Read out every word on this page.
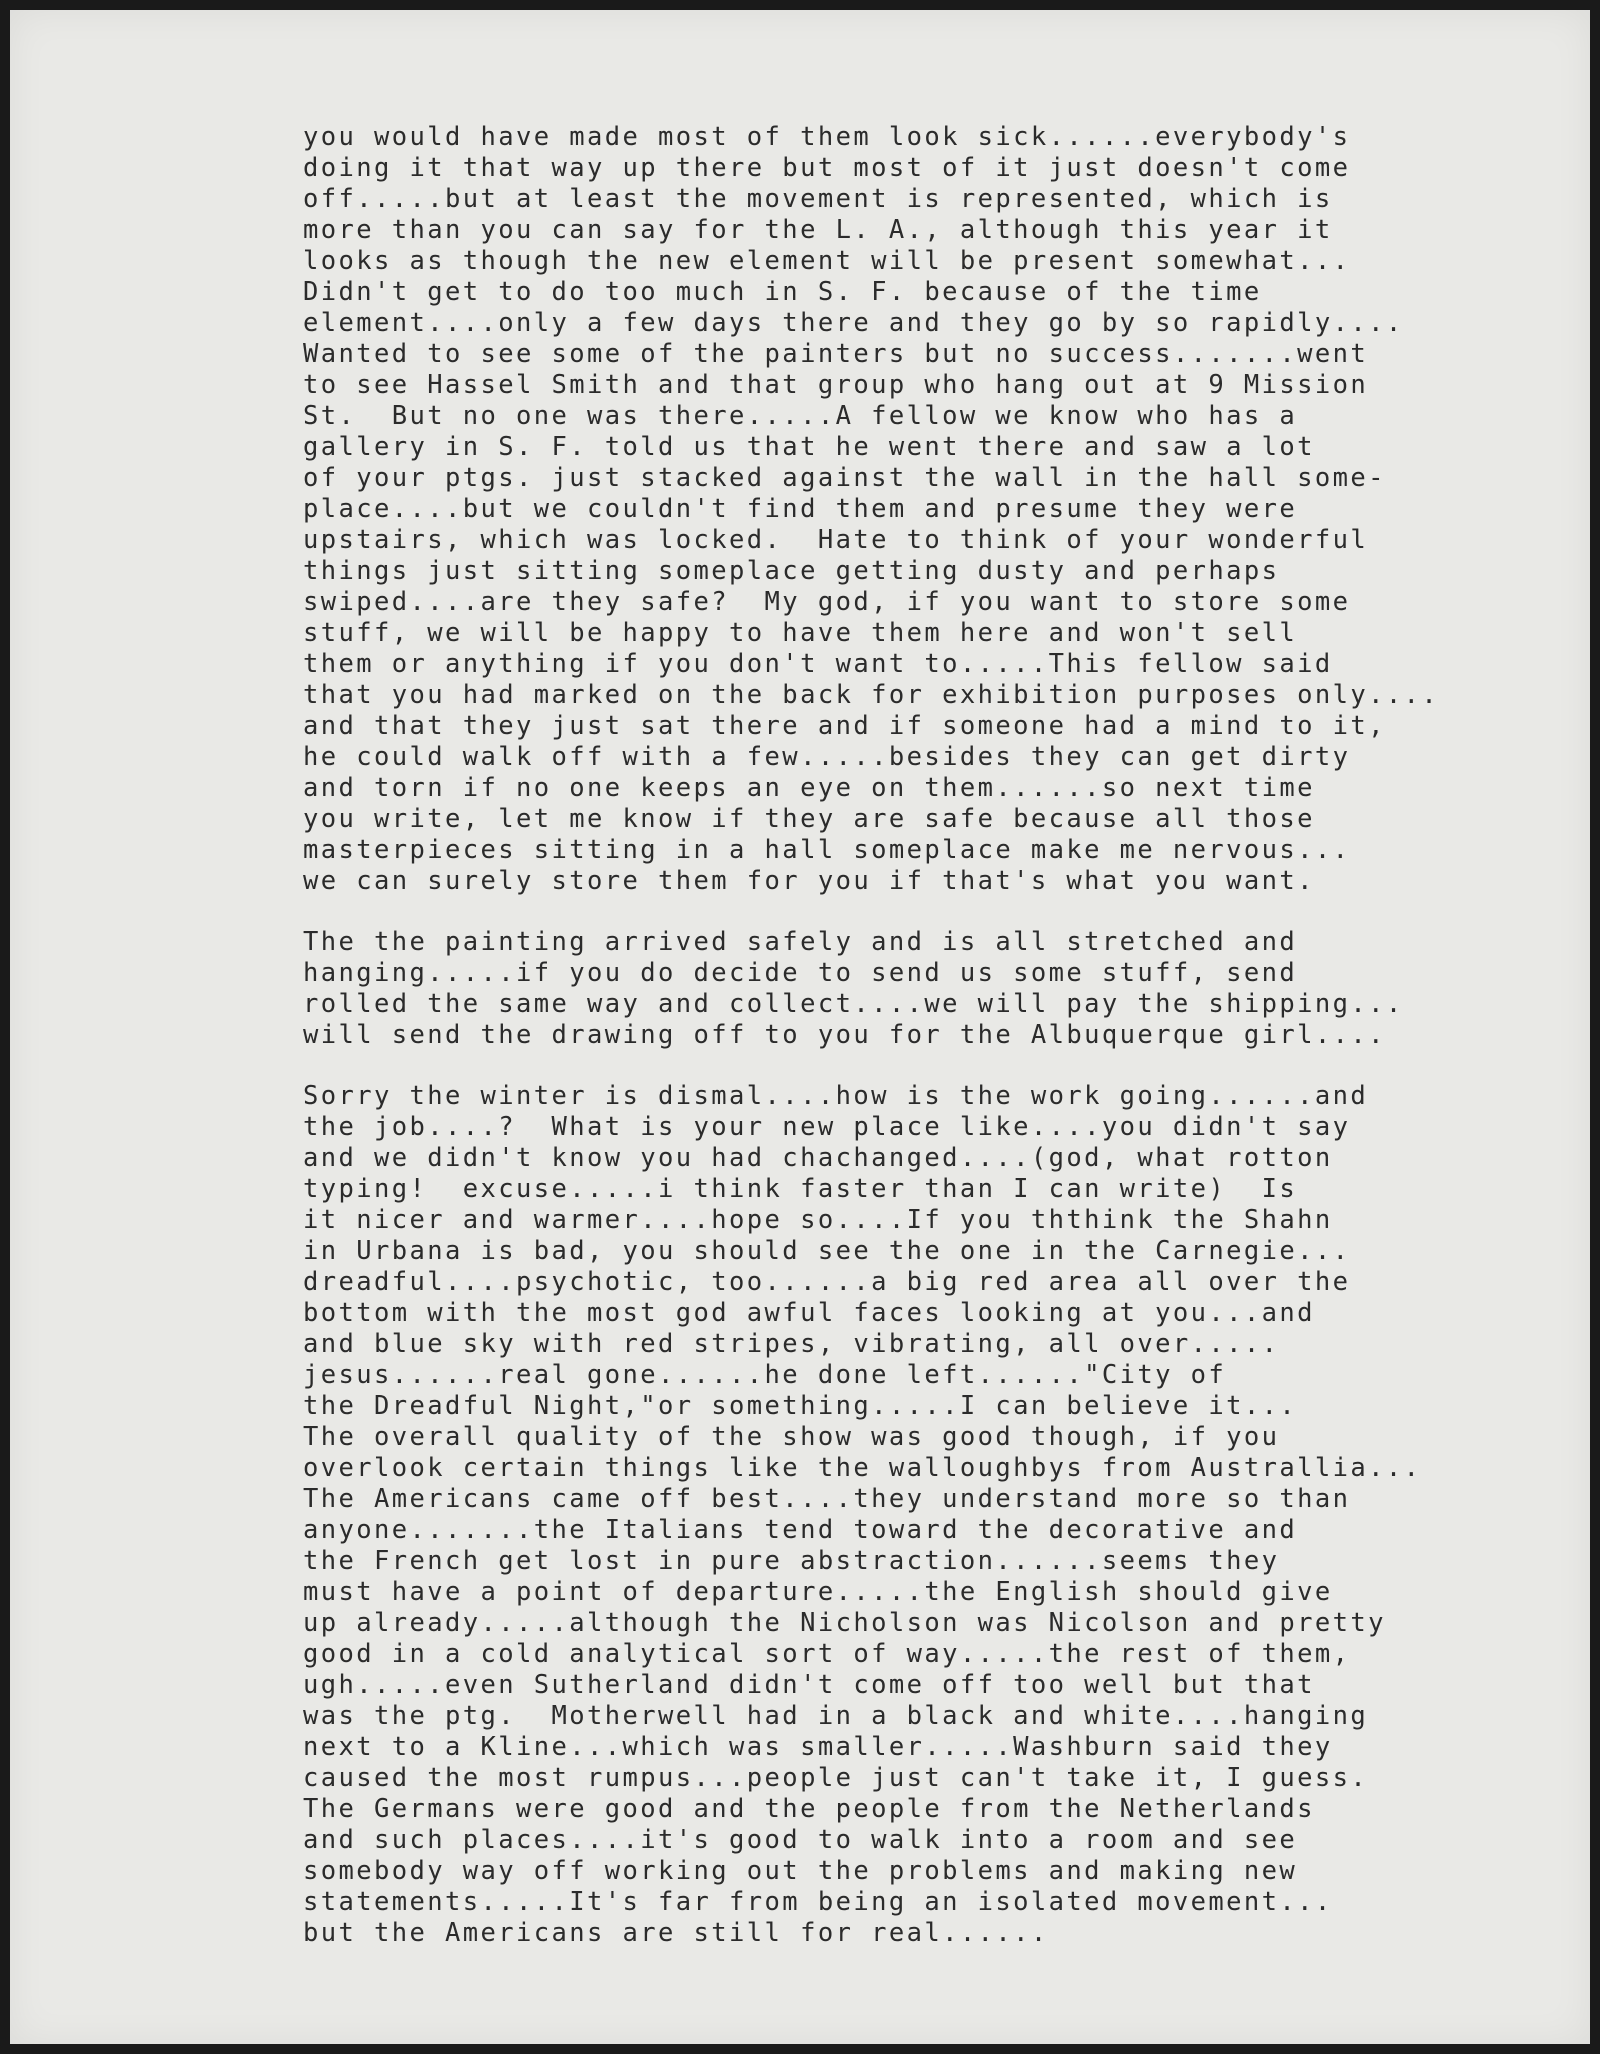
you would have made most of them look sick......everybody's
doing it that way up there but most of it just doesn't come
off.....but at least the movement is represented, which is
more than you can say for the L. A., although this year it
looks as though the new element will be present somewhat...
Didn't get to do too much in S. F. because of the time
element....only a few days there and they go by so rapidly....
Wanted to see some of the painters but no success.......went
to see Hassel Smith and that group who hang out at 9 Mission
St.  But no one was there.....A fellow we know who has a
gallery in S. F. told us that he went there and saw a lot
of your ptgs. just stacked against the wall in the hall some-
place....but we couldn't find them and presume they were
upstairs, which was locked.  Hate to think of your wonderful
things just sitting someplace getting dusty and perhaps
swiped....are they safe?  My god, if you want to store some
stuff, we will be happy to have them here and won't sell
them or anything if you don't want to.....This fellow said
that you had marked on the back for exhibition purposes only....
and that they just sat there and if someone had a mind to it,
he could walk off with a few.....besides they can get dirty
and torn if no one keeps an eye on them......so next time
you write, let me know if they are safe because all those
masterpieces sitting in a hall someplace make me nervous...
we can surely store them for you if that's what you want.
The the painting arrived safely and is all stretched and
hanging.....if you do decide to send us some stuff, send
rolled the same way and collect....we will pay the shipping...
will send the drawing off to you for the Albuquerque girl....
Sorry the winter is dismal....how is the work going......and
the job....?  What is your new place like....you didn't say
and we didn't know you had chachanged....(god, what rotton
typing!  excuse.....i think faster than I can write)  Is
it nicer and warmer....hope so....If you ththink the Shahn
in Urbana is bad, you should see the one in the Carnegie...
dreadful....psychotic, too......a big red area all over the
bottom with the most god awful faces looking at you...and
and blue sky with red stripes, vibrating, all over.....
jesus......real gone......he done left......"City of
the Dreadful Night,"or something.....I can believe it...
The overall quality of the show was good though, if you
overlook certain things like the walloughbys from Australlia...
The Americans came off best....they understand more so than
anyone.......the Italians tend toward the decorative and
the French get lost in pure abstraction......seems they
must have a point of departure.....the English should give
up already.....although the Nicholson was Nicolson and pretty
good in a cold analytical sort of way.....the rest of them,
ugh.....even Sutherland didn't come off too well but that
was the ptg.  Motherwell had in a black and white....hanging
next to a Kline...which was smaller.....Washburn said they
caused the most rumpus...people just can't take it, I guess.
The Germans were good and the people from the Netherlands
and such places....it's good to walk into a room and see
somebody way off working out the problems and making new
statements.....It's far from being an isolated movement...
but the Americans are still for real......
